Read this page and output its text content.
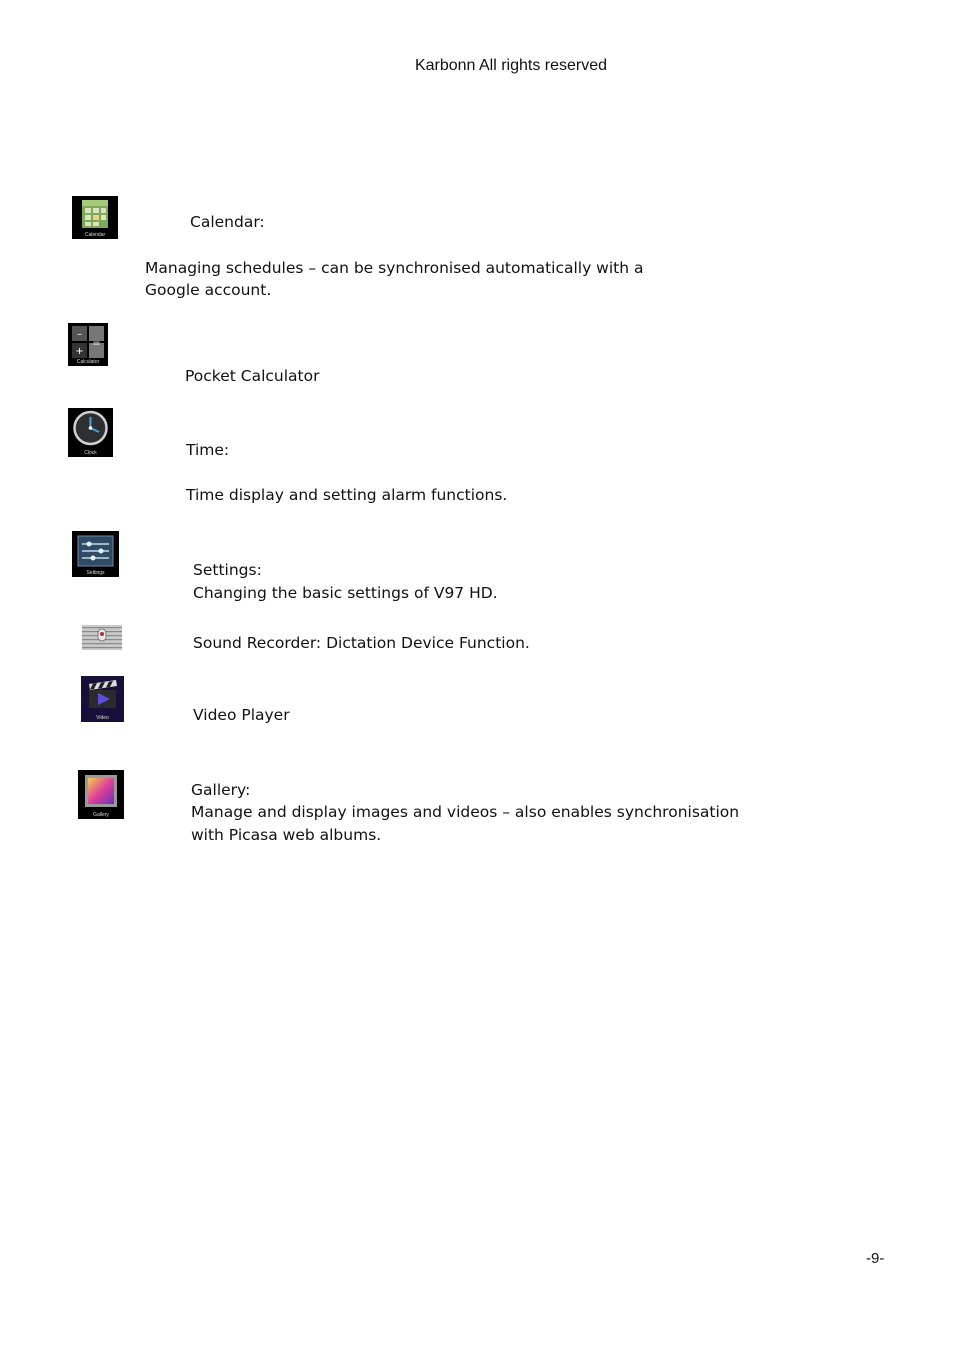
Karbonn All rights reserved
Calendar
Calendar:
Managing schedules – can be synchronised automatically with a
Google account.
–
+
=
Calculator
Pocket Calculator
Clock	Time:
Time display and setting alarm functions.
Settings	Settings:
Changing the basic settings of V97 HD.
Sound Recorder: Dictation Device Function.
Video	Video Player
Gallery
Gallery:
Manage and display images and videos – also enables synchronisation
with Picasa web albums.
-9-
